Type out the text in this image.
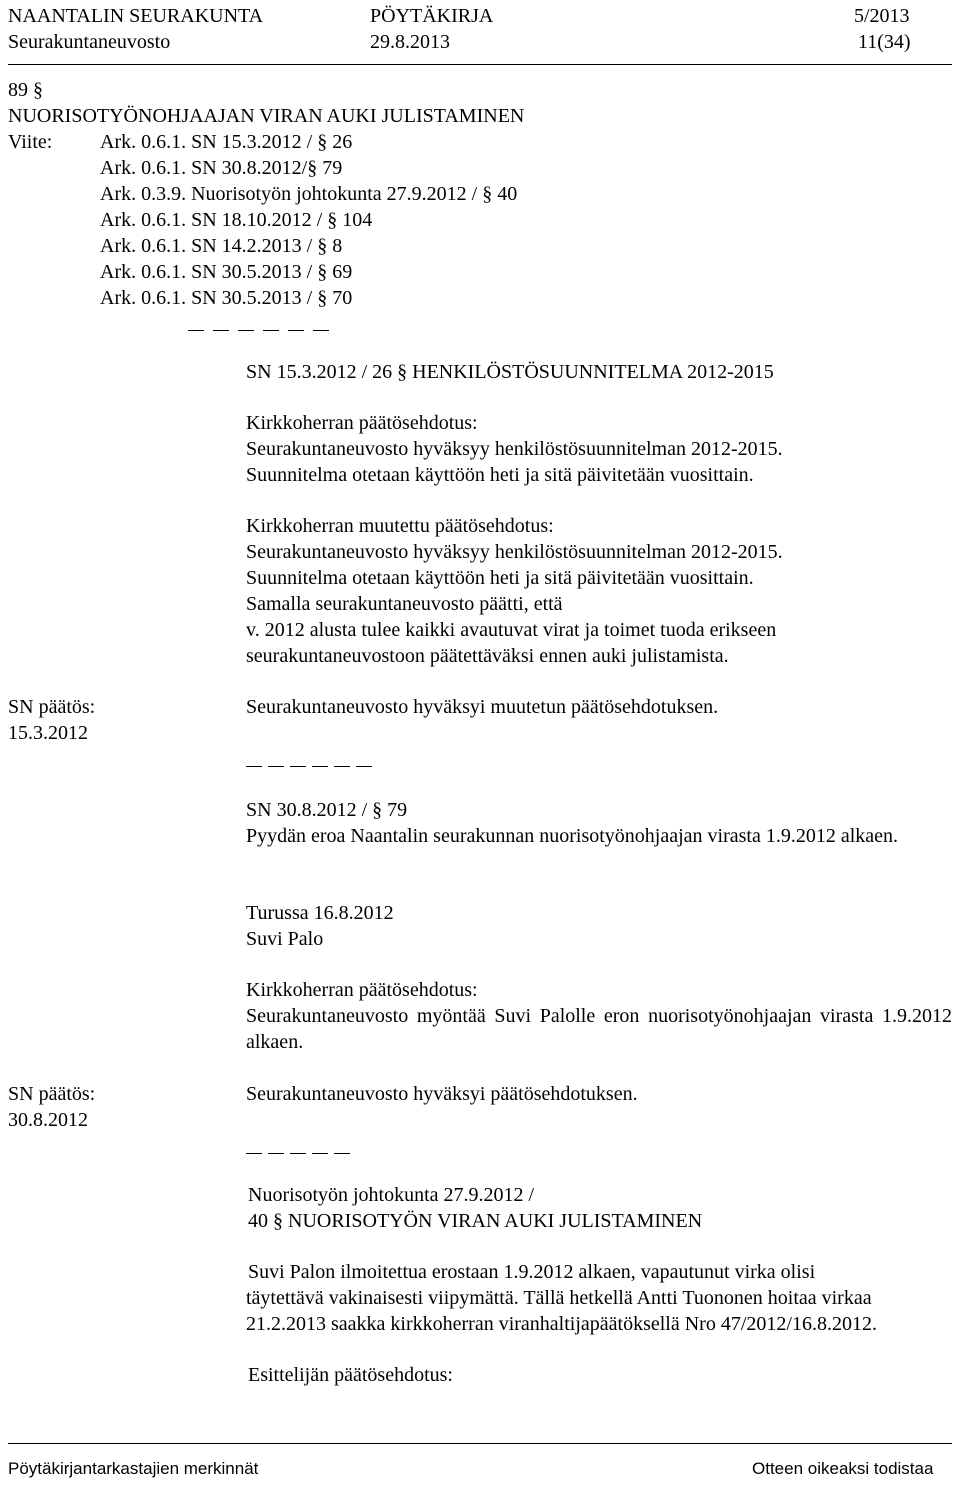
NAANTALIN SEURAKUNTA	PÖYTÄKIRJA	5/2013
Seurakuntaneuvosto	29.8.2013	11(34)
89 §
NUORISOTYÖNOHJAAJAN VIRAN AUKI JULISTAMINEN
Viite: Ark. 0.6.1. SN 15.3.2012 / § 26
Ark. 0.6.1. SN 30.8.2012/§ 79
Ark. 0.3.9. Nuorisotyön johtokunta 27.9.2012 / § 40
Ark. 0.6.1. SN 18.10.2012 / § 104
Ark. 0.6.1. SN 14.2.2013 / § 8
Ark. 0.6.1. SN 30.5.2013 / § 69
Ark. 0.6.1. SN 30.5.2013 / § 70
SN 15.3.2012 / 26 § HENKILÖSTÖSUUNNITELMA 2012-2015
Kirkkoherran päätösehdotus:
Seurakuntaneuvosto hyväksyy henkilöstösuunnitelman 2012-2015.
Suunnitelma otetaan käyttöön heti ja sitä päivitetään vuosittain.
Kirkkoherran muutettu päätösehdotus:
Seurakuntaneuvosto hyväksyy henkilöstösuunnitelman 2012-2015.
Suunnitelma otetaan käyttöön heti ja sitä päivitetään vuosittain.
Samalla seurakuntaneuvosto päätti, että
v. 2012 alusta tulee kaikki avautuvat virat ja toimet tuoda erikseen
seurakuntaneuvostoon päätettäväksi ennen auki julistamista.
SN päätös:
15.3.2012
Seurakuntaneuvosto hyväksyi muutetun päätösehdotuksen.
SN 30.8.2012 / § 79
Pyydän eroa Naantalin seurakunnan nuorisotyönohjaajan virasta 1.9.2012 alkaen.
Turussa 16.8.2012
Suvi Palo
Kirkkoherran päätösehdotus:
Seurakuntaneuvosto myöntää Suvi Palolle eron nuorisotyönohjaajan virasta 1.9.2012 alkaen.
SN päätös:
30.8.2012
Seurakuntaneuvosto hyväksyi päätösehdotuksen.
Nuorisotyön johtokunta 27.9.2012 /
40 § NUORISOTYÖN VIRAN AUKI JULISTAMINEN
Suvi Palon ilmoitettua erostaan 1.9.2012 alkaen, vapautunut virka olisi
täytettävä vakinaisesti viipymättä. Tällä hetkellä Antti Tuononen hoitaa virkaa
21.2.2013 saakka kirkkoherran viranhaltijapäätöksellä Nro 47/2012/16.8.2012.
Esittelijän päätösehdotus:
Pöytäkirjantarkastajien merkinnät	Otteen oikeaksi todistaa
